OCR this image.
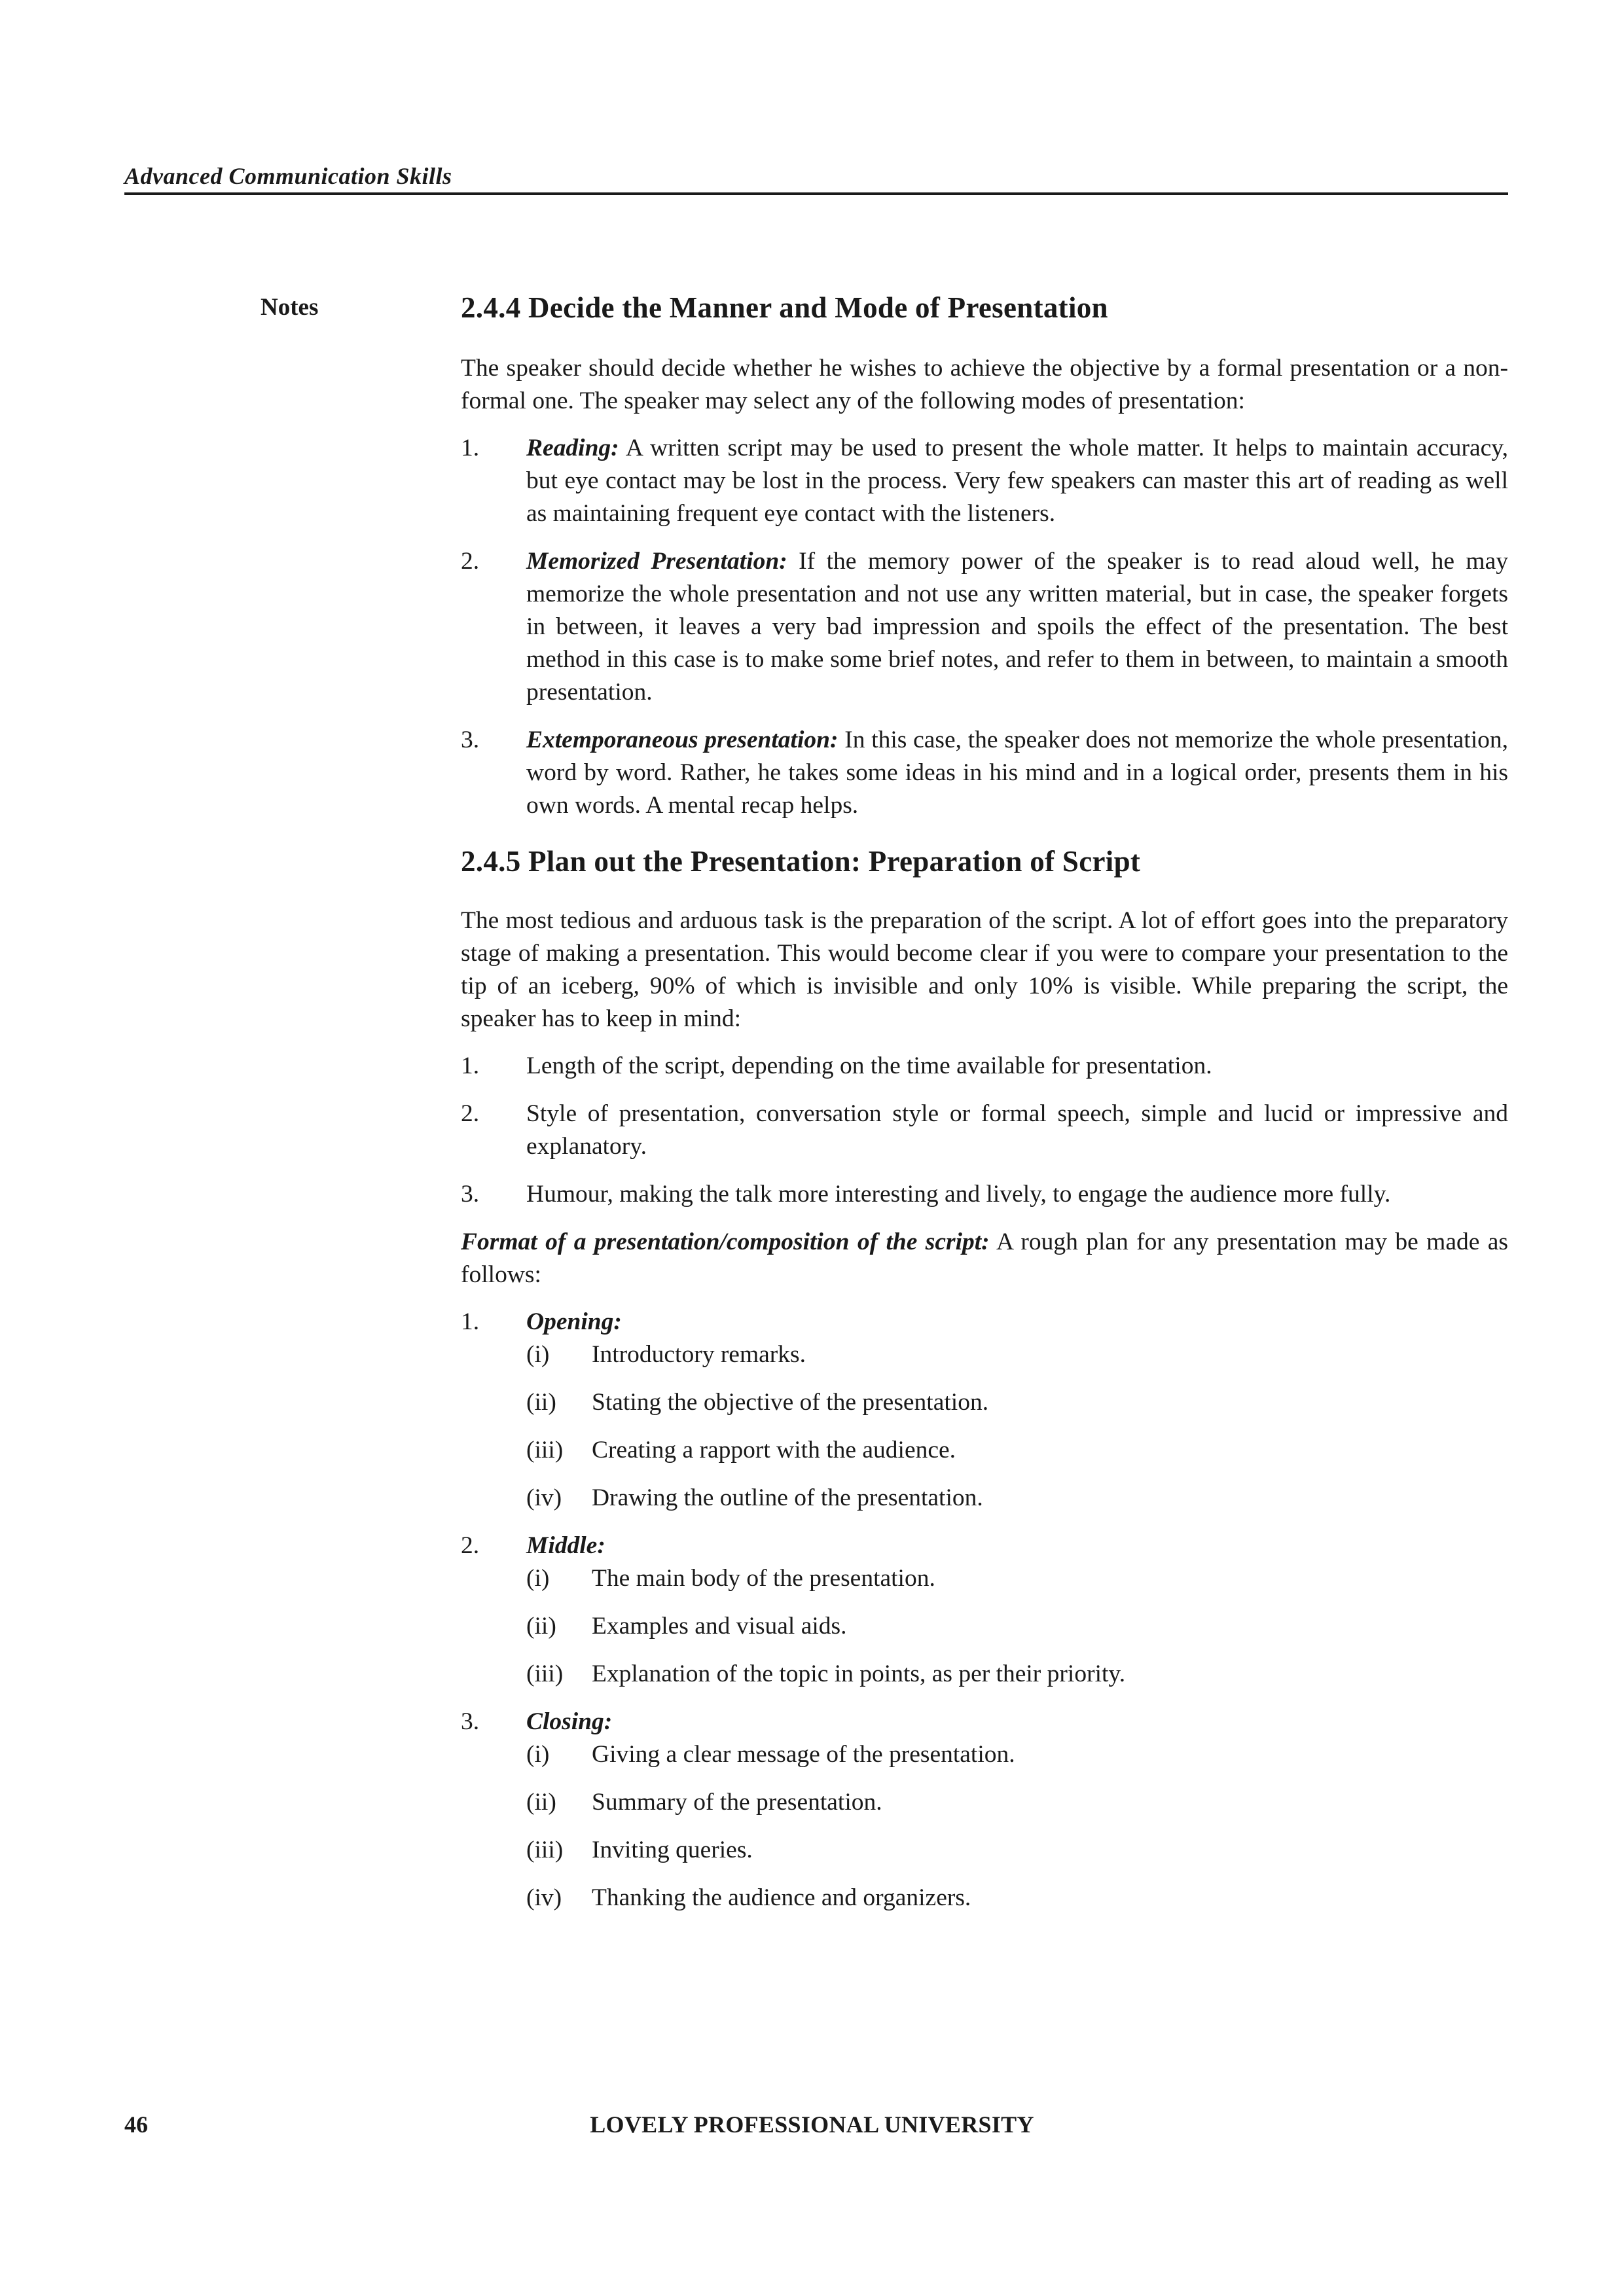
Advanced Communication Skills
Notes	2.4.4 Decide the Manner and Mode of Presentation

The speaker should decide whether he wishes to achieve the objective by a formal presentation or a non-formal one. The speaker may select any of the following modes of presentation:

1.	Reading: A written script may be used to present the whole matter. It helps to maintain accuracy, but eye contact may be lost in the process. Very few speakers can master this art of reading as well as maintaining frequent eye contact with the listeners.
2.	Memorized Presentation: If the memory power of the speaker is to read aloud well, he may memorize the whole presentation and not use any written material, but in case, the speaker forgets in between, it leaves a very bad impression and spoils the effect of the presentation. The best method in this case is to make some brief notes, and refer to them in between, to maintain a smooth presentation.
3.	Extemporaneous presentation: In this case, the speaker does not memorize the whole presentation, word by word. Rather, he takes some ideas in his mind and in a logical order, presents them in his own words. A mental recap helps.
2.4.5 Plan out the Presentation: Preparation of Script

The most tedious and arduous task is the preparation of the script. A lot of effort goes into the preparatory stage of making a presentation. This would become clear if you were to compare your presentation to the tip of an iceberg, 90% of which is invisible and only 10% is visible. While preparing the script, the speaker has to keep in mind:

1.	Length of the script, depending on the time available for presentation.
2.	Style of presentation, conversation style or formal speech, simple and lucid or impressive and explanatory.
3.	Humour, making the talk more interesting and lively, to engage the audience more fully.

Format of a presentation/composition of the script: A rough plan for any presentation may be made as follows:

1.	Opening:
(i)	Introductory remarks.
(ii)	Stating the objective of the presentation.
(iii)	Creating a rapport with the audience.
(iv)	Drawing the outline of the presentation.
2.	Middle:
(i)	The main body of the presentation.
(ii)	Examples and visual aids.
(iii)	Explanation of the topic in points, as per their priority.
3.	Closing:
(i)	Giving a clear message of the presentation.
(ii)	Summary of the presentation.
(iii)	Inviting queries.
(iv)	Thanking the audience and organizers.
46	LOVELY PROFESSIONAL UNIVERSITY
